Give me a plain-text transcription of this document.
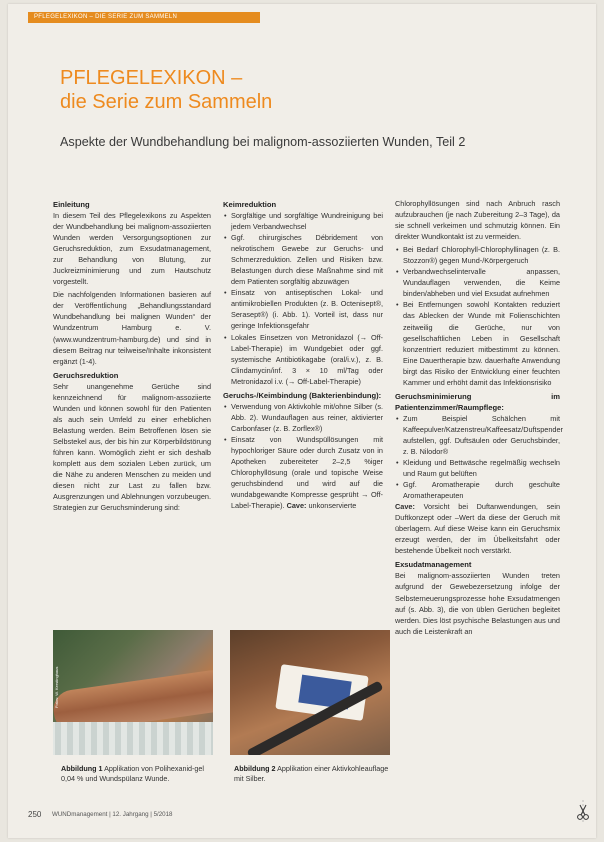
PFLEGELEXIKON – DIE SERIE ZUM SAMMELN
PFLEGELEXIKON –
die Serie zum Sammeln
Aspekte der Wundbehandlung bei malignom-assoziierten Wunden, Teil 2
Einleitung

In diesem Teil des Pflegelexikons zu Aspekten der Wundbehandlung bei malignom-assoziierten Wunden werden Versorgungsoptionen zur Geruchsreduktion, zum Exsudatmanagement, zur Behandlung von Blutung, zur Juckreizminimierung und zum Hautschutz vorgestellt.

Die nachfolgenden Informationen basieren auf der Veröffentlichung „Behandlungsstandard Wundbehandlung bei malignen Wunden“ der Wundzentrum Hamburg e. V. (www.wundzentrum-hamburg.de) und sind in diesem Beitrag nur teilweise/Inhalte inkonsistent ergänzt (1-4).

Geruchsreduktion

Sehr unangenehme Gerüche sind kennzeichnend für malignom-assoziierte Wunden und können sowohl für den Patienten als auch sein Umfeld zu einer erheblichen Belastung werden. Beim Betroffenen lösen sie Selbstekel aus, der bis hin zur Körperbildstörung führen kann. Womöglich zieht er sich deshalb komplett aus dem sozialen Leben zurück, um die Nähe zu anderen Menschen zu meiden und diesen nicht zur Last zu fallen bzw. Ausgrenzungen und Ablehnungen vorzubeugen. Strategien zur Geruchsminderung sind:

Keimreduktion
• Sorgfältige und sorgfältige Wundreinigung bei jedem Verbandwechsel
• Ggf. chirurgisches Débridement von nekrotischem Gewebe zur Geruchs- und Schmerzreduktion. Zellen und Risiken bzw. Belastungen durch diese Maßnahme sind mit dem Patienten sorgfältig abzuwägen
• Einsatz von antiseptischen Lokal- und antimikrobiellen Produkten (z. B. Octenisept®, Serasept®) (i. Abb. 1). Vorteil ist, dass nur geringe Infektionsgefahr
• Lokales Einsetzen von Metronidazol (→ Off-Label-Therapie) im Wundgebiet oder ggf. systemische Antibiotikagabe (oral/i.v.), z. B. Clindamycin/inf. 3 × 10 ml/Tag oder Metronidazol i.v. (→ Off-Label-Therapie)
Geruchs-/Keimbindung (Bakterienbindung):
• Verwendung von Aktivkohle mit/ohne Silber (s. Abb. 2). Wundauflagen aus reiner, aktivierter Carbonfaser (z. B. Zorflex®)
• Einsatz von Wundspüllösungen mit hypochloriger Säure oder durch Zusatz von in Apotheken zubereiteter 2–2,5 %iger Chlorophyllösung (orale und topische Weise geruchsbindend und wird auf die wundabgewandte Kompresse gesprüht → Off-Label-Therapie). Cave: unkonservierte

Chlorophyllösungen sind nach Anbruch rasch aufzubrauchen (je nach Zubereitung 2–3 Tage), da sie schnell verkeimen und schmutzig können. Ein direkter Wundkontakt ist zu vermeiden.

• Bei Bedarf Chlorophyll-Chlorophyllinagen (z. B. Stozzon®) gegen Mund-/Körpergeruch
• Verbandwechselintervalle anpassen, Wundauflagen verwenden, die Keime binden/abheben und viel Exsudat aufnehmen
• Bei Entfernungen sowohl Kontakten reduziert das Ablecken der Wunde mit Folienschichten zeitweilig die Gerüche, nur von gesellschaftlichen Leben in Gesellschaft konzentriert reduziert mitbestimmt zu können. Eine Dauertherapie bzw. dauerhafte Anwendung birgt das Risiko der Entwicklung einer feuchten Kammer und erhöht damit das Infektionsrisiko
Geruchsminimierung im Patientenzimmer/Raumpflege:
• Zum Beispiel Schälchen mit Kaffeepulver/Katzenstreu/Kaffeesatz/Duftspender aufstellen, ggf. Duftsäulen oder Geruchsbinder, z. B. Nilodor®
• Kleidung und Bettwäsche regelmäßig wechseln und Raum gut belüften
• Ggf. Aromatherapie durch geschulte Aromatherapeuten

Cave: Vorsicht bei Duftanwendungen, sein Duftkonzept oder –Wert da diese der Geruch mit überlagern. Auf diese Weise kann ein Geruchsmix erzeugt werden, der im Übelkeitsfahrt oder bestehende Übelkeit noch verstärkt.

Exsudatmanagement

Bei malignom-assoziierten Wunden treten aufgrund der Gewebezersetzung infolge der Selbsterneuerungsprozesse hohe Exsudatmengen auf (s. Abb. 3), die von üblen Gerüchen begleitet werden. Dies löst psychische Belastungen aus und auch die Leistenkraft an

Fotos: W. Kerstinghaus
Abbildung 1 Applikation von Polihexanid-gel 0,04 % und Wundspülanz Wunde.
Abbildung 2 Applikation einer Aktivkohleauflage mit Silber.
250 WUNDmanagement | 12. Jahrgang | 5/2018
